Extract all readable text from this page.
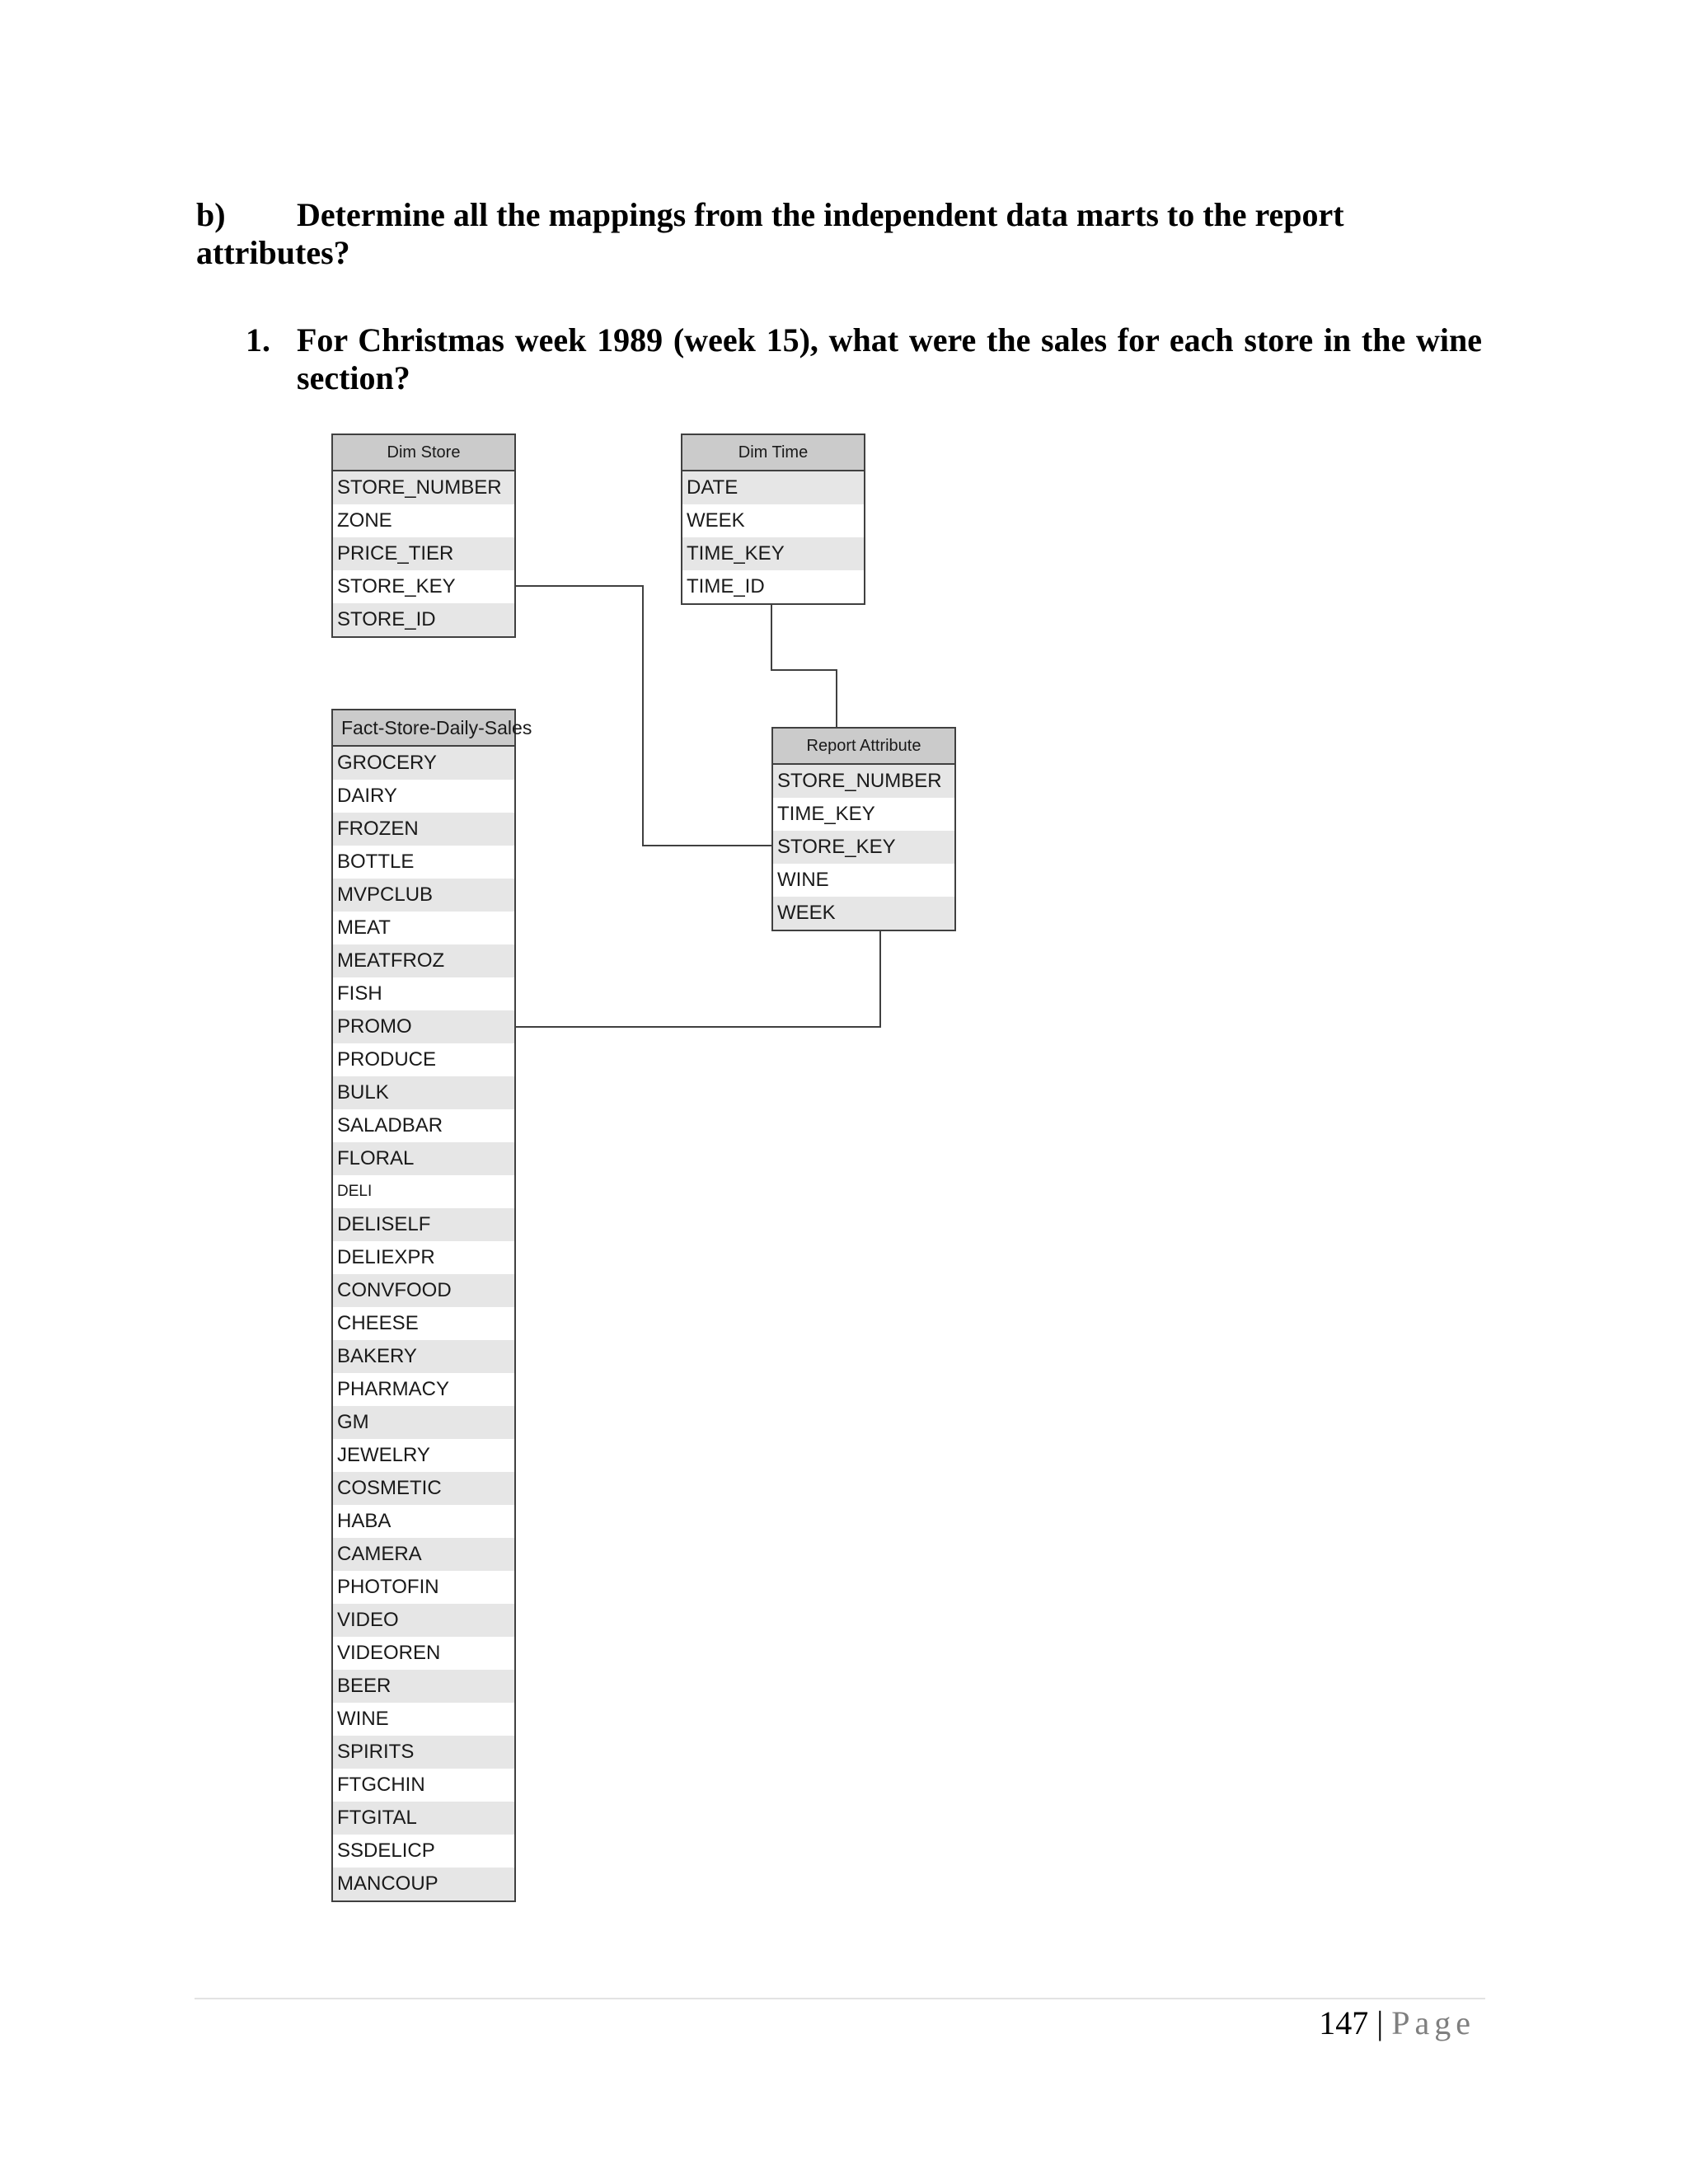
b) Determine all the mappings from the independent data marts to the report attributes?
1. For Christmas week 1989 (week 15), what were the sales for each store in the wine section?
Dim Store
STORE_NUMBER
ZONE
PRICE_TIER
STORE_KEY
STORE_ID
Dim Time
DATE
WEEK
TIME_KEY
TIME_ID
Fact-Store-Daily-Sales
GROCERY
DAIRY
FROZEN
BOTTLE
MVPCLUB
MEAT
MEATFROZ
FISH
PROMO
PRODUCE
BULK
SALADBAR
FLORAL
DELI
DELISELF
DELIEXPR
CONVFOOD
CHEESE
BAKERY
PHARMACY
GM
JEWELRY
COSMETIC
HABA
CAMERA
PHOTOFIN
VIDEO
VIDEOREN
BEER
WINE
SPIRITS
FTGCHIN
FTGITAL
SSDELICP
MANCOUP
Report Attribute
STORE_NUMBER
TIME_KEY
STORE_KEY
WINE
WEEK
147 | Page
